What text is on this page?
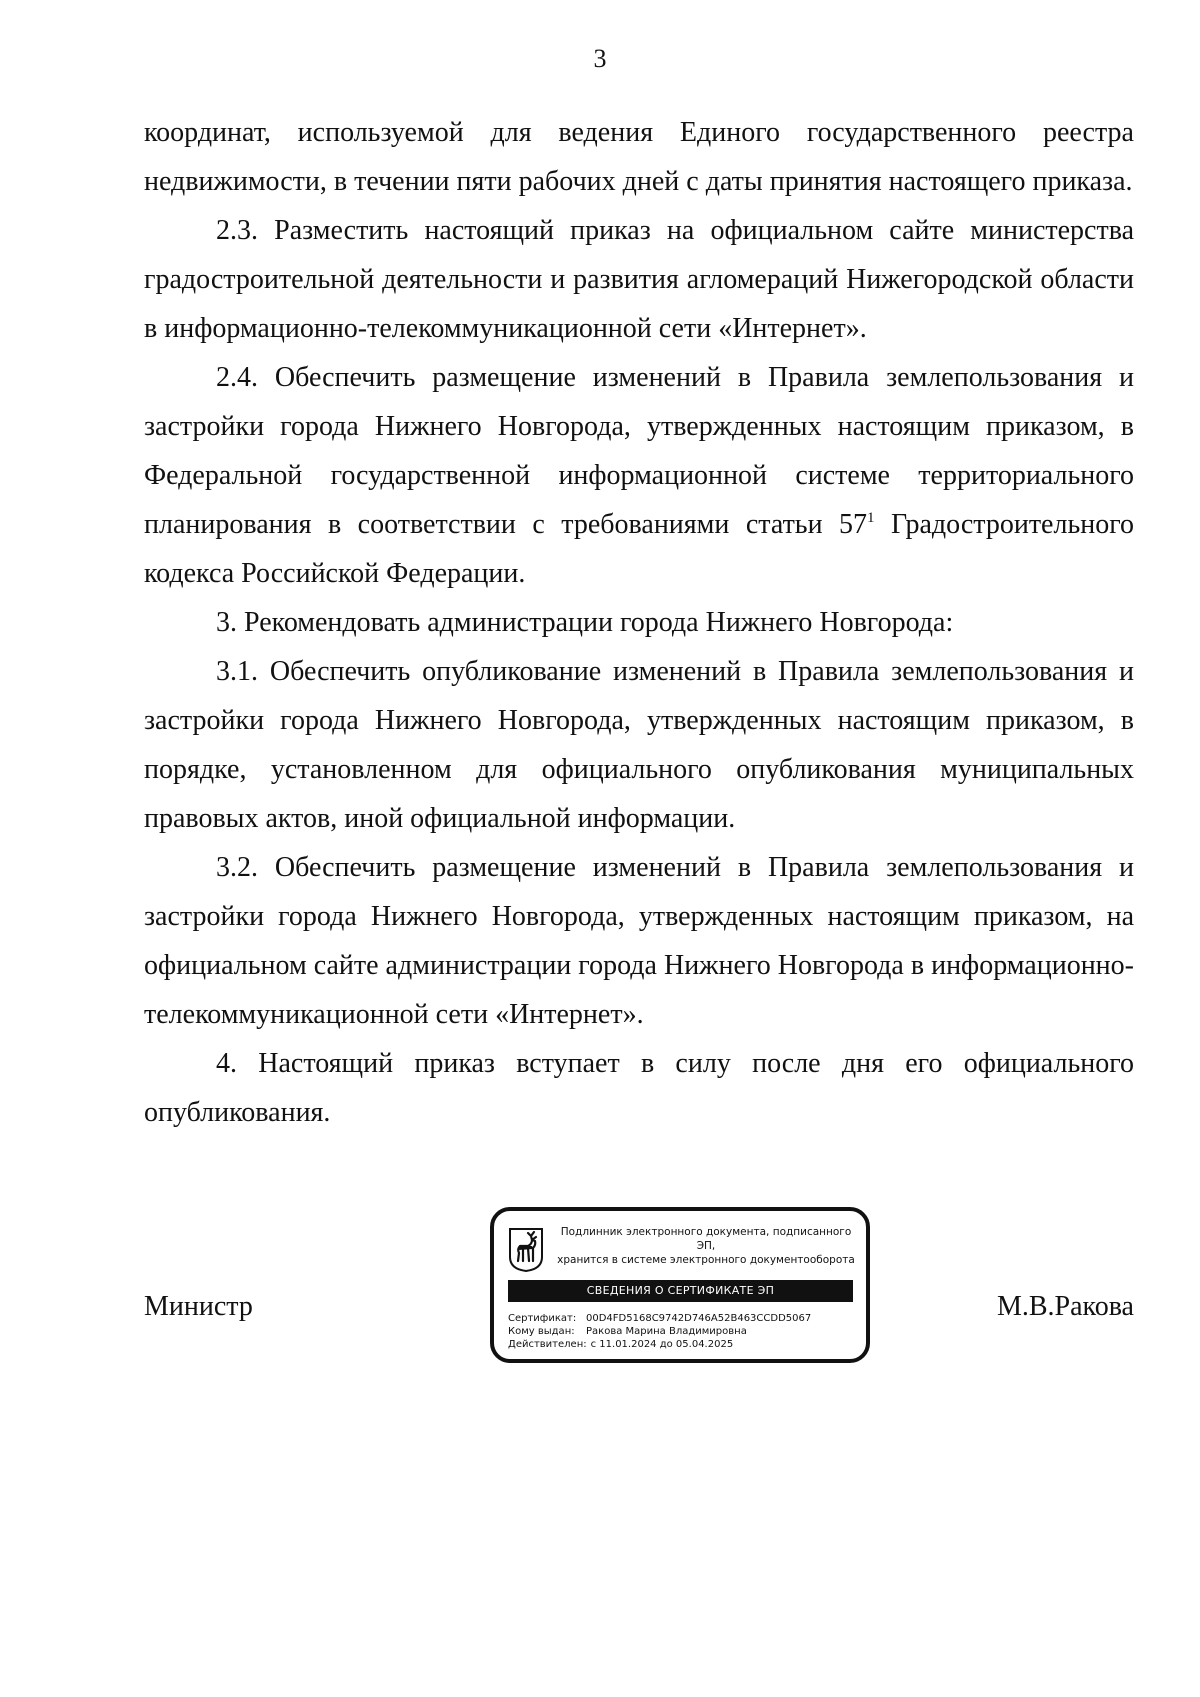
3

координат, используемой для ведения Единого государственного реестра недвижимости, в течении пяти рабочих дней с даты принятия настоящего приказа.

2.3. Разместить настоящий приказ на официальном сайте министерства градостроительной деятельности и развития агломераций Нижегородской области в информационно-телекоммуникационной сети «Интернет».

2.4. Обеспечить размещение изменений в Правила землепользования и застройки города Нижнего Новгорода, утвержденных настоящим приказом, в Федеральной государственной информационной системе территориального планирования в соответствии с требованиями статьи $57^1$ Градостроительного кодекса Российской Федерации.

3. Рекомендовать администрации города Нижнего Новгорода:

3.1. Обеспечить опубликование изменений в Правила землепользования и застройки города Нижнего Новгорода, утвержденных настоящим приказом, в порядке, установленном для официального опубликования муниципальных правовых актов, иной официальной информации.

3.2. Обеспечить размещение изменений в Правила землепользования и застройки города Нижнего Новгорода, утвержденных настоящим приказом, на официальном сайте администрации города Нижнего Новгорода в информационно-телекоммуникационной сети «Интернет».

4. Настоящий приказ вступает в силу после дня его официального опубликования.

Министр
Подлинник электронного документа, подписанного ЭП,
хранится в системе электронного документооборота
СВЕДЕНИЯ О СЕРТИФИКАТЕ ЭП
Сертификат: 00D4FD5168C9742D746A52B463CCDD5067
Кому выдан:	Ракова Марина Владимировна
Действителен: с 11.01.2024 до 05.04.2025
М.В.Ракова
